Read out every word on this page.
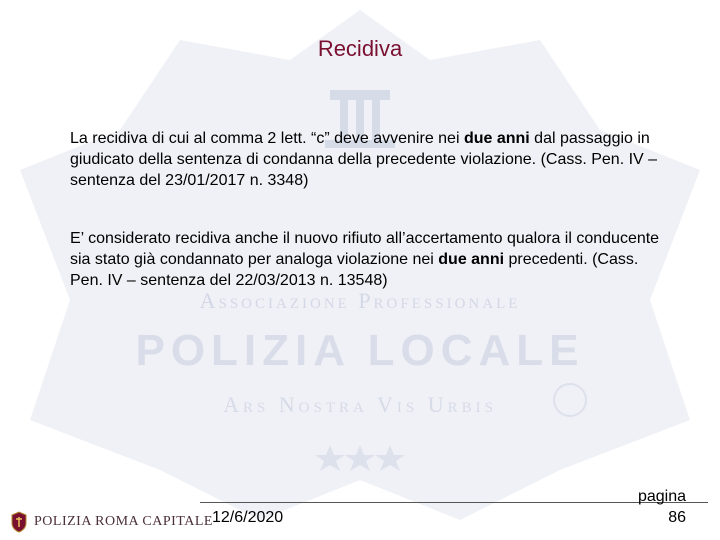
Associazione Professionale
POLIZIA LOCALE
Ars Nostra Vis Urbis
Recidiva
La recidiva di cui al comma 2 lett. “c” deve avvenire nei due anni dal passaggio in giudicato della sentenza di condanna della precedente violazione. (Cass. Pen. IV – sentenza del 23/01/2017 n. 3348)
E’ considerato recidiva anche il nuovo rifiuto all’accertamento qualora il conducente sia stato già condannato per analoga violazione nei due anni precedenti. (Cass. Pen. IV – sentenza del 22/03/2013 n. 13548)
POLIZIA ROMA CAPITALE 12/6/2020
pagina
86
